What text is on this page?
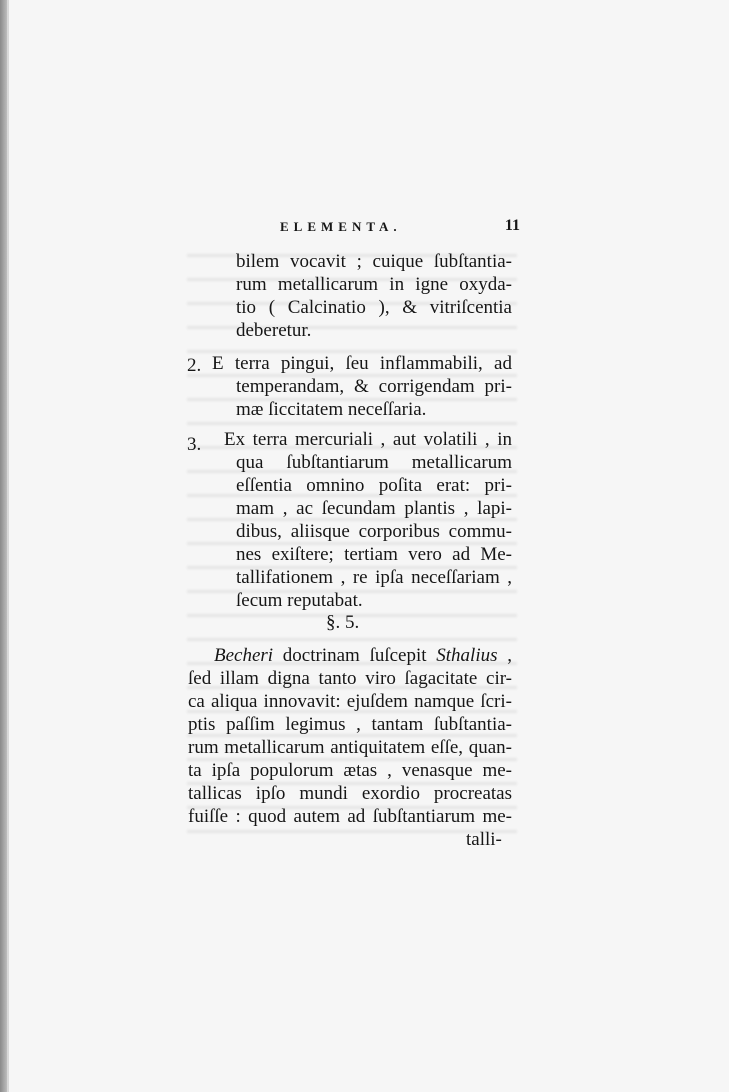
ELEMENTA.	11
bilem vocavit ; cuique ſubſtantia-
rum metallicarum in igne oxyda-
tio ( Calcinatio ), & vitriſcentia
deberetur.
2. E terra pingui, ſeu inflammabili, ad
temperandam, & corrigendam pri-
mæ ſiccitatem neceſſaria.
3. Ex terra mercuriali , aut volatili , in
qua ſubſtantiarum metallicarum
eſſentia omnino poſita erat: pri-
mam , ac ſecundam plantis , lapi-
dibus, aliisque corporibus commu-
nes exiſtere; tertiam vero ad Me-
tallifationem , re ipſa neceſſariam ,
ſecum reputabat.
§. 5.
Becheri doctrinam ſuſcepit Sthalius ,
ſed illam digna tanto viro ſagacitate cir-
ca aliqua innovavit: ejuſdem namque ſcri-
ptis paſſim legimus , tantam ſubſtantia-
rum metallicarum antiquitatem eſſe, quan-
ta ipſa populorum ætas , venasque me-
tallicas ipſo mundi exordio procreatas
fuiſſe : quod autem ad ſubſtantiarum me-
talli-
